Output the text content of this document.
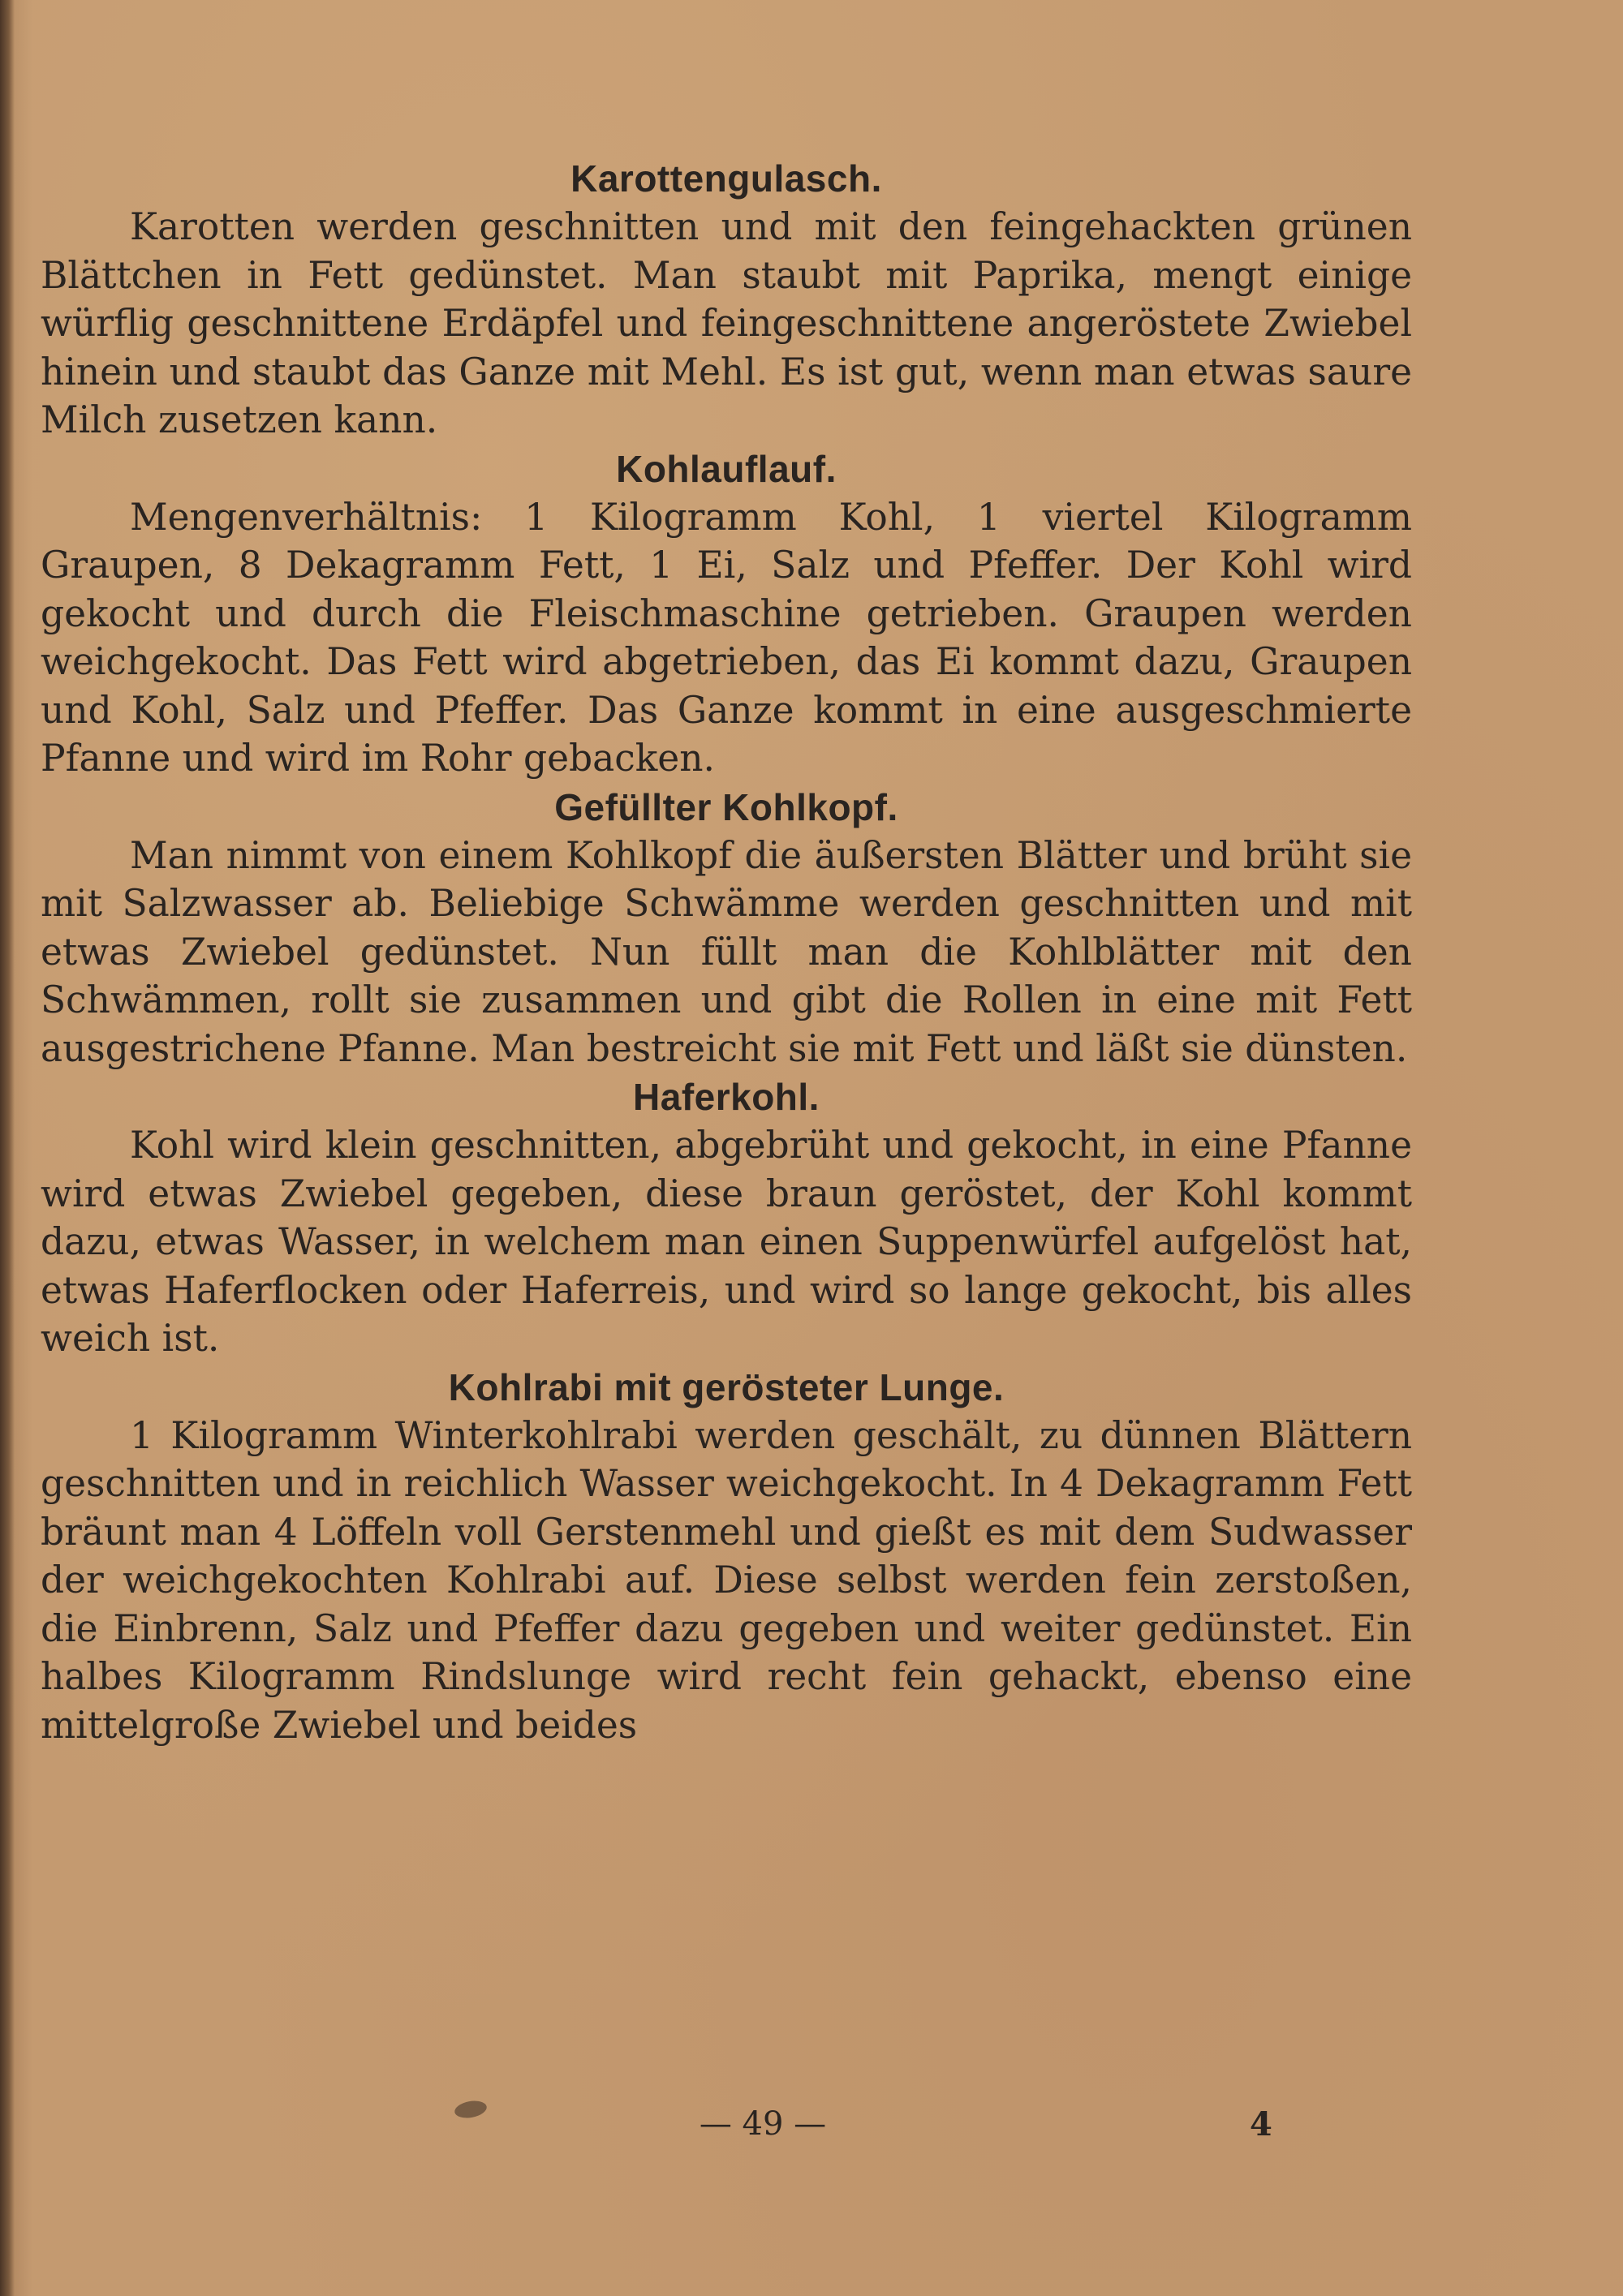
Karottengulasch.

Karotten werden geschnitten und mit den feingehackten grünen Blättchen in Fett gedünstet. Man staubt mit Paprika, mengt einige würflig geschnittene Erdäpfel und feingeschnittene angeröstete Zwiebel hinein und staubt das Ganze mit Mehl. Es ist gut, wenn man etwas saure Milch zusetzen kann.

Kohlauflauf.

Mengenverhältnis: 1 Kilogramm Kohl, 1 viertel Kilogramm Graupen, 8 Dekagramm Fett, 1 Ei, Salz und Pfeffer. Der Kohl wird gekocht und durch die Fleischmaschine getrieben. Graupen werden weichgekocht. Das Fett wird abgetrieben, das Ei kommt dazu, Graupen und Kohl, Salz und Pfeffer. Das Ganze kommt in eine ausgeschmierte Pfanne und wird im Rohr gebacken.

Gefüllter Kohlkopf.

Man nimmt von einem Kohlkopf die äußersten Blätter und brüht sie mit Salzwasser ab. Beliebige Schwämme werden geschnitten und mit etwas Zwiebel gedünstet. Nun füllt man die Kohlblätter mit den Schwämmen, rollt sie zusammen und gibt die Rollen in eine mit Fett ausgestrichene Pfanne. Man bestreicht sie mit Fett und läßt sie dünsten.

Haferkohl.

Kohl wird klein geschnitten, abgebrüht und gekocht, in eine Pfanne wird etwas Zwiebel gegeben, diese braun geröstet, der Kohl kommt dazu, etwas Wasser, in welchem man einen Suppenwürfel aufgelöst hat, etwas Haferflocken oder Haferreis, und wird so lange gekocht, bis alles weich ist.

Kohlrabi mit gerösteter Lunge.

1 Kilogramm Winterkohlrabi werden geschält, zu dünnen Blättern geschnitten und in reichlich Wasser weichgekocht. In 4 Dekagramm Fett bräunt man 4 Löffeln voll Gerstenmehl und gießt es mit dem Sudwasser der weichgekochten Kohlrabi auf. Diese selbst werden fein zerstoßen, die Einbrenn, Salz und Pfeffer dazu gegeben und weiter gedünstet. Ein halbes Kilogramm Rindslunge wird recht fein gehackt, ebenso eine mittelgroße Zwiebel und beides

— 49 —	4
